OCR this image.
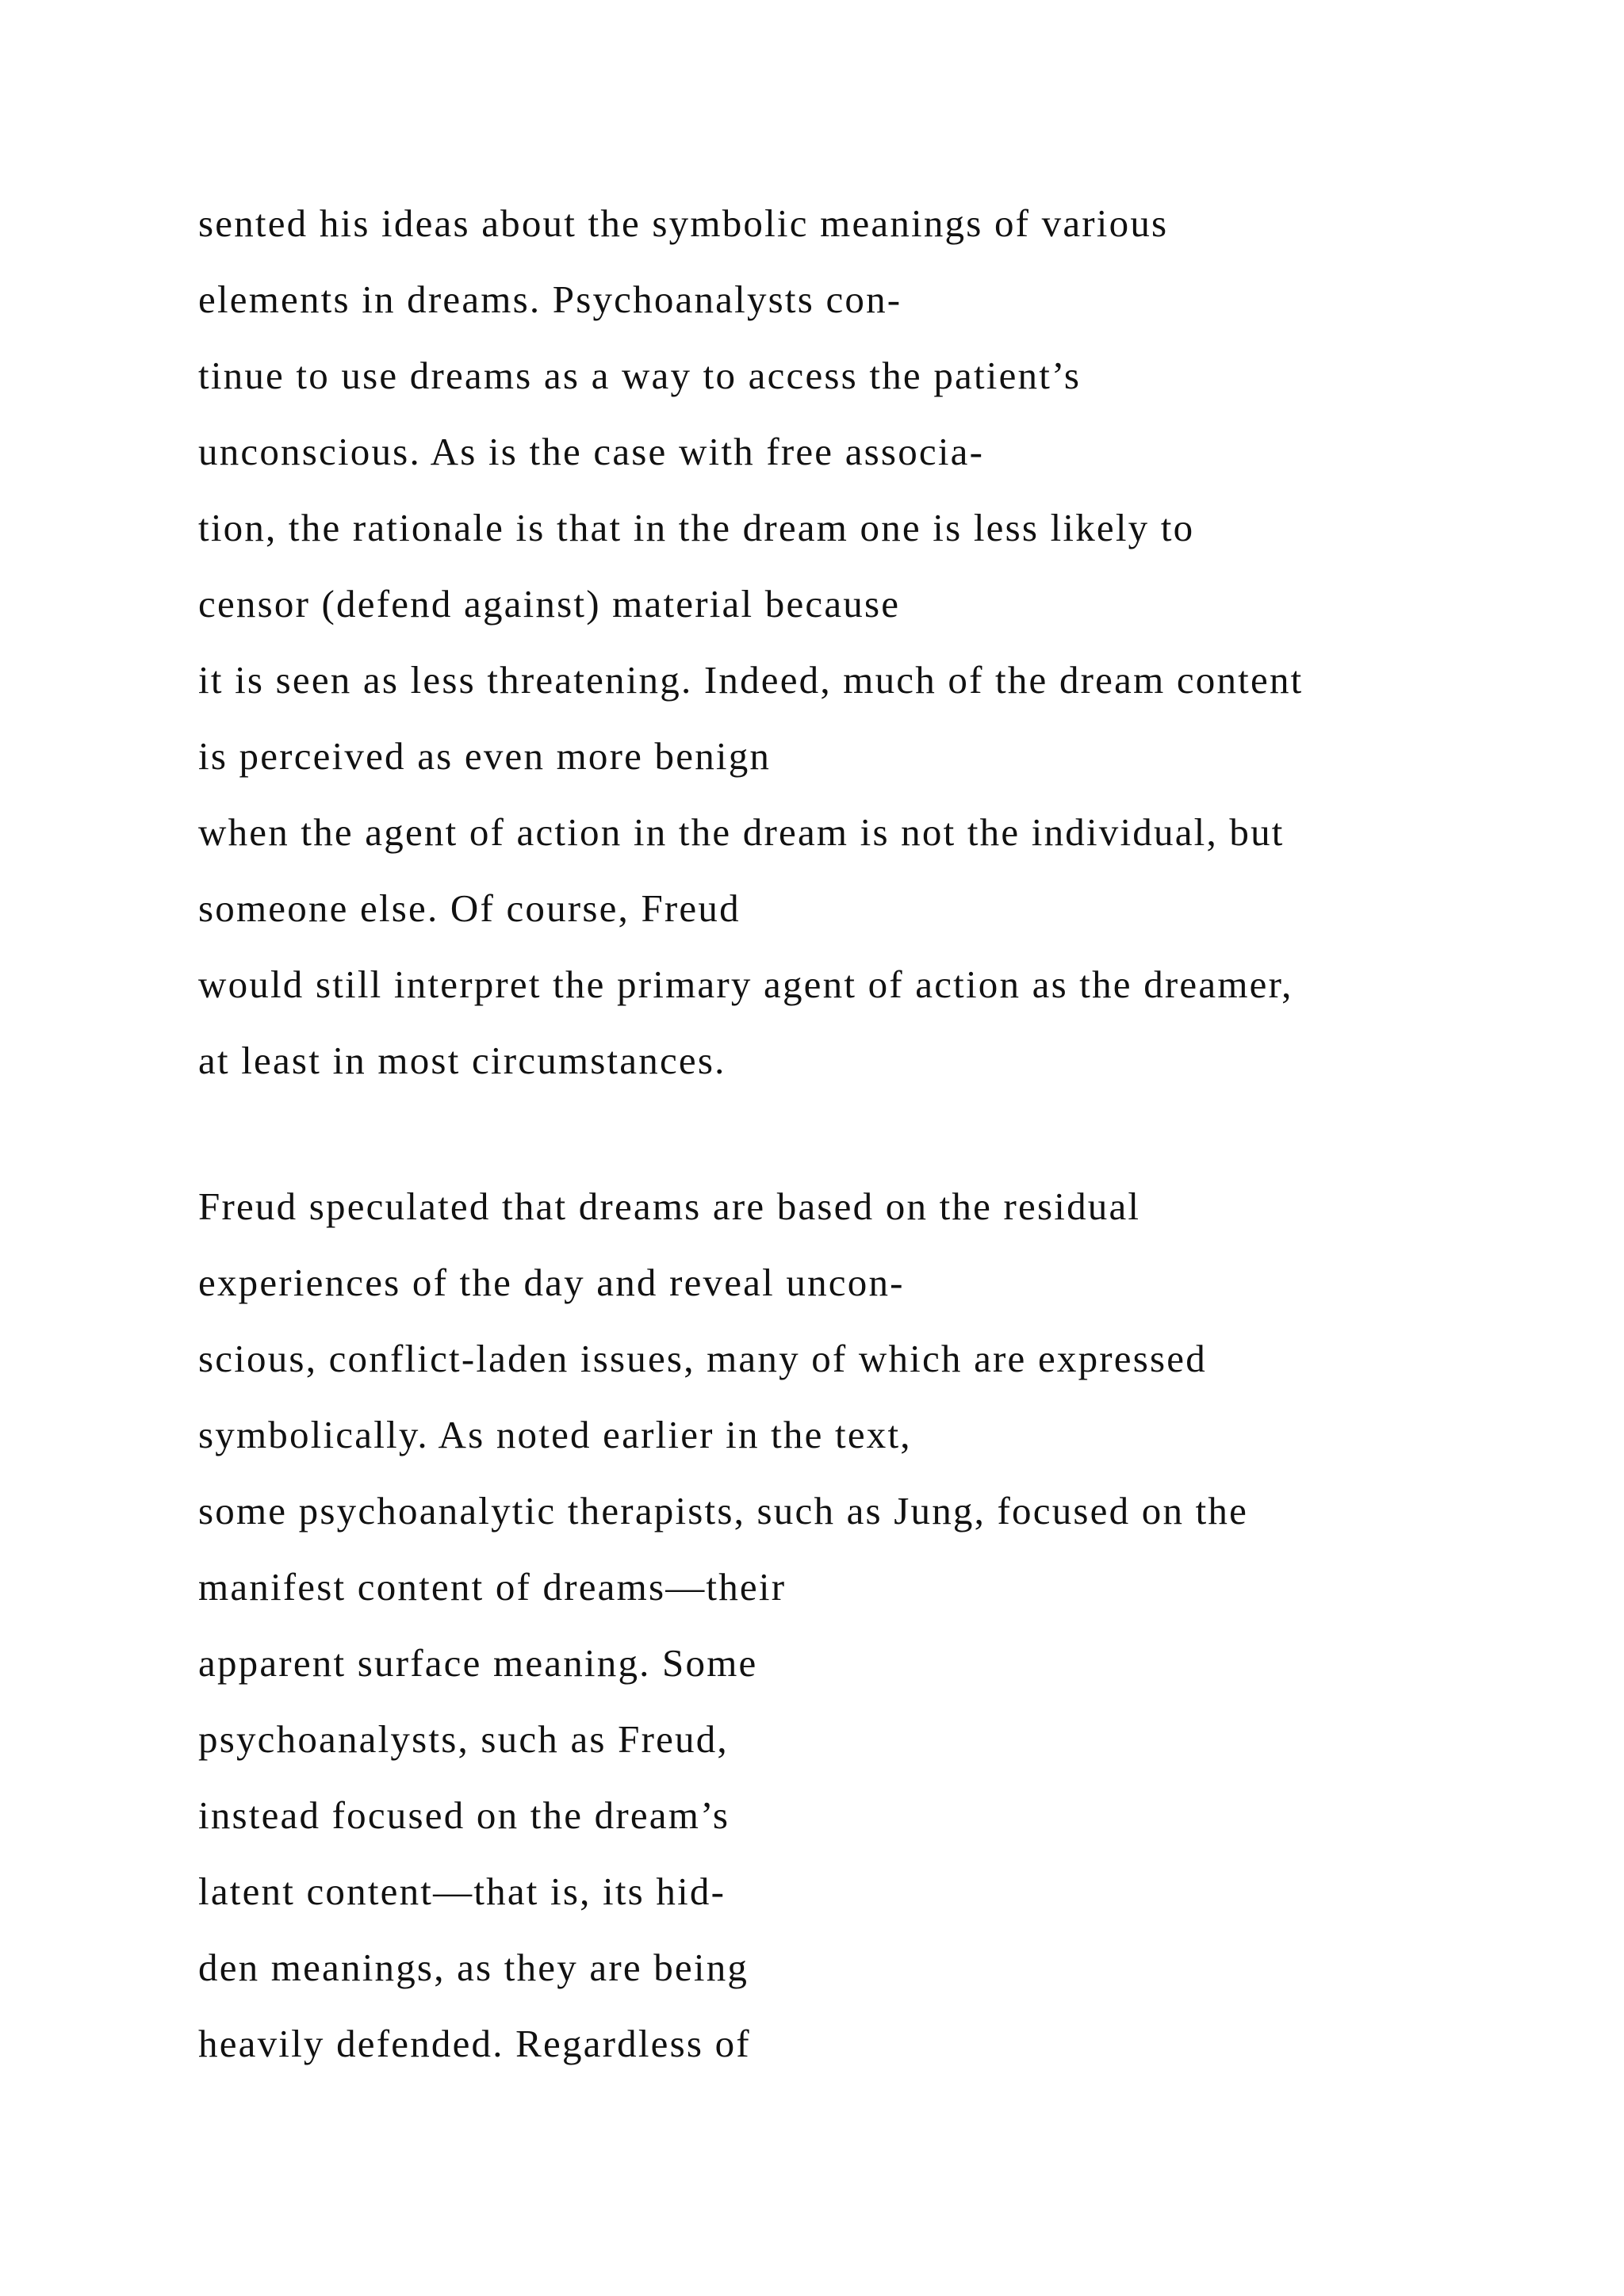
sented his ideas about the symbolic meanings of various
elements in dreams. Psychoanalysts con-
tinue to use dreams as a way to access the patient’s
unconscious. As is the case with free associa-
tion, the rationale is that in the dream one is less likely to
censor (defend against) material because
it is seen as less threatening. Indeed, much of the dream content
is perceived as even more benign
when the agent of action in the dream is not the individual, but
someone else. Of course, Freud
would still interpret the primary agent of action as the dreamer,
at least in most circumstances.
Freud speculated that dreams are based on the residual
experiences of the day and reveal uncon-
scious, conflict-laden issues, many of which are expressed
symbolically. As noted earlier in the text,
some psychoanalytic therapists, such as Jung, focused on the
manifest content of dreams—their
apparent surface meaning. Some
psychoanalysts, such as Freud,
instead focused on the dream’s
latent content—that is, its hid-
den meanings, as they are being
heavily defended. Regardless of
